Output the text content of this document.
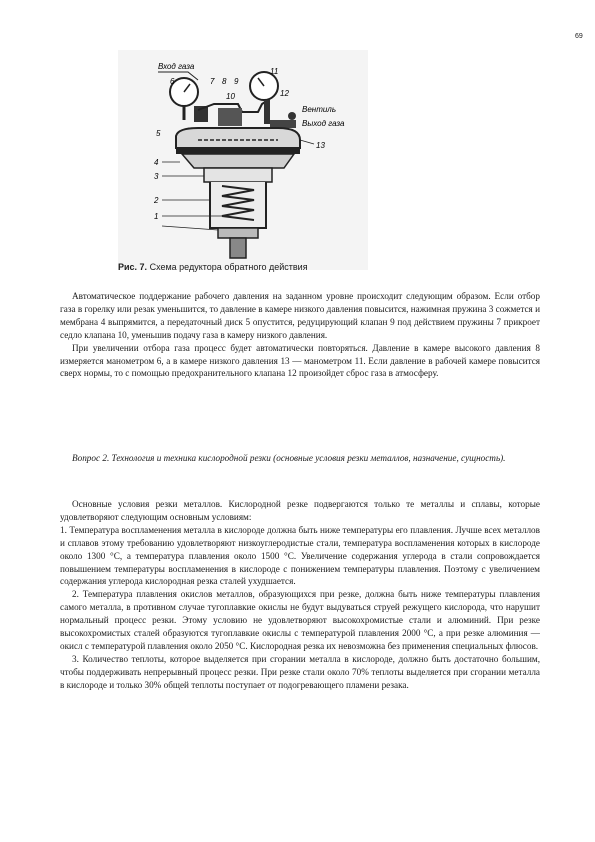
69
Вход газа
6	7 8 9
10
11
12
Вентиль
Выход газа
13
5
4
3
2
1
Рис. 7. Схема редуктора обратного действия

Автоматическое поддержание рабочего давления на заданном уровне происходит следующим образом. Если отбор газа в горелку или резак уменьшится, то давление в камере низкого давления повысится, нажимная пружина 3 сожмется и мембрана 4 выпрямится, а передаточный диск 5 опустится, редуцирующий клапан 9 под действием пружины 7 прикроет седло клапана 10, уменьшив подачу газа в камеру низкого давления.

При увеличении отбора газа процесс будет автоматически повторяться. Давление в камере высокого давления 8 измеряется манометром 6, а в камере низкого давления 13 — манометром 11. Если давление в рабочей камере повысится сверх нормы, то с помощью предохранительного клапана 12 произойдет сброс газа в атмосферу.

Вопрос 2. Технология и техника кислородной резки (основные условия резки металлов, назначение, сущность).

Основные условия резки металлов. Кислородной резке подвергаются только те металлы и сплавы, которые удовлетворяют следующим основным условиям:

1. Температура воспламенения металла в кислороде должна быть ниже температуры его плавления. Лучше всех металлов и сплавов этому требованию удовлетворяют низкоуглеродистые стали, температура воспламенения которых в кислороде около 1300 °С, а температура плавления около 1500 °С. Увеличение содержания углерода в стали сопровождается повышением температуры воспламенения в кислороде с понижением температуры плавления. Поэтому с увеличением содержания углерода кислородная резка сталей ухудшается.

2. Температура плавления окислов металлов, образующихся при резке, должна быть ниже температуры плавления самого металла, в противном случае тугоплавкие окислы не будут выдуваться струей режущего кислорода, что нарушит нормальный процесс резки. Этому условию не удовлетворяют высокохромистые стали и алюминий. При резке высокохромистых сталей образуются тугоплавкие окислы с температурой плавления 2000 °С, а при резке алюминия — окисл с температурой плавления около 2050 °С. Кислородная резка их невозможна без применения специальных флюсов.

3. Количество теплоты, которое выделяется при сгорании металла в кислороде, должно быть достаточно большим, чтобы поддерживать непрерывный процесс резки. При резке стали около 70% теплоты выделяется при сгорании металла в кислороде и только 30% общей теплоты поступает от подогревающего пламени резака.
